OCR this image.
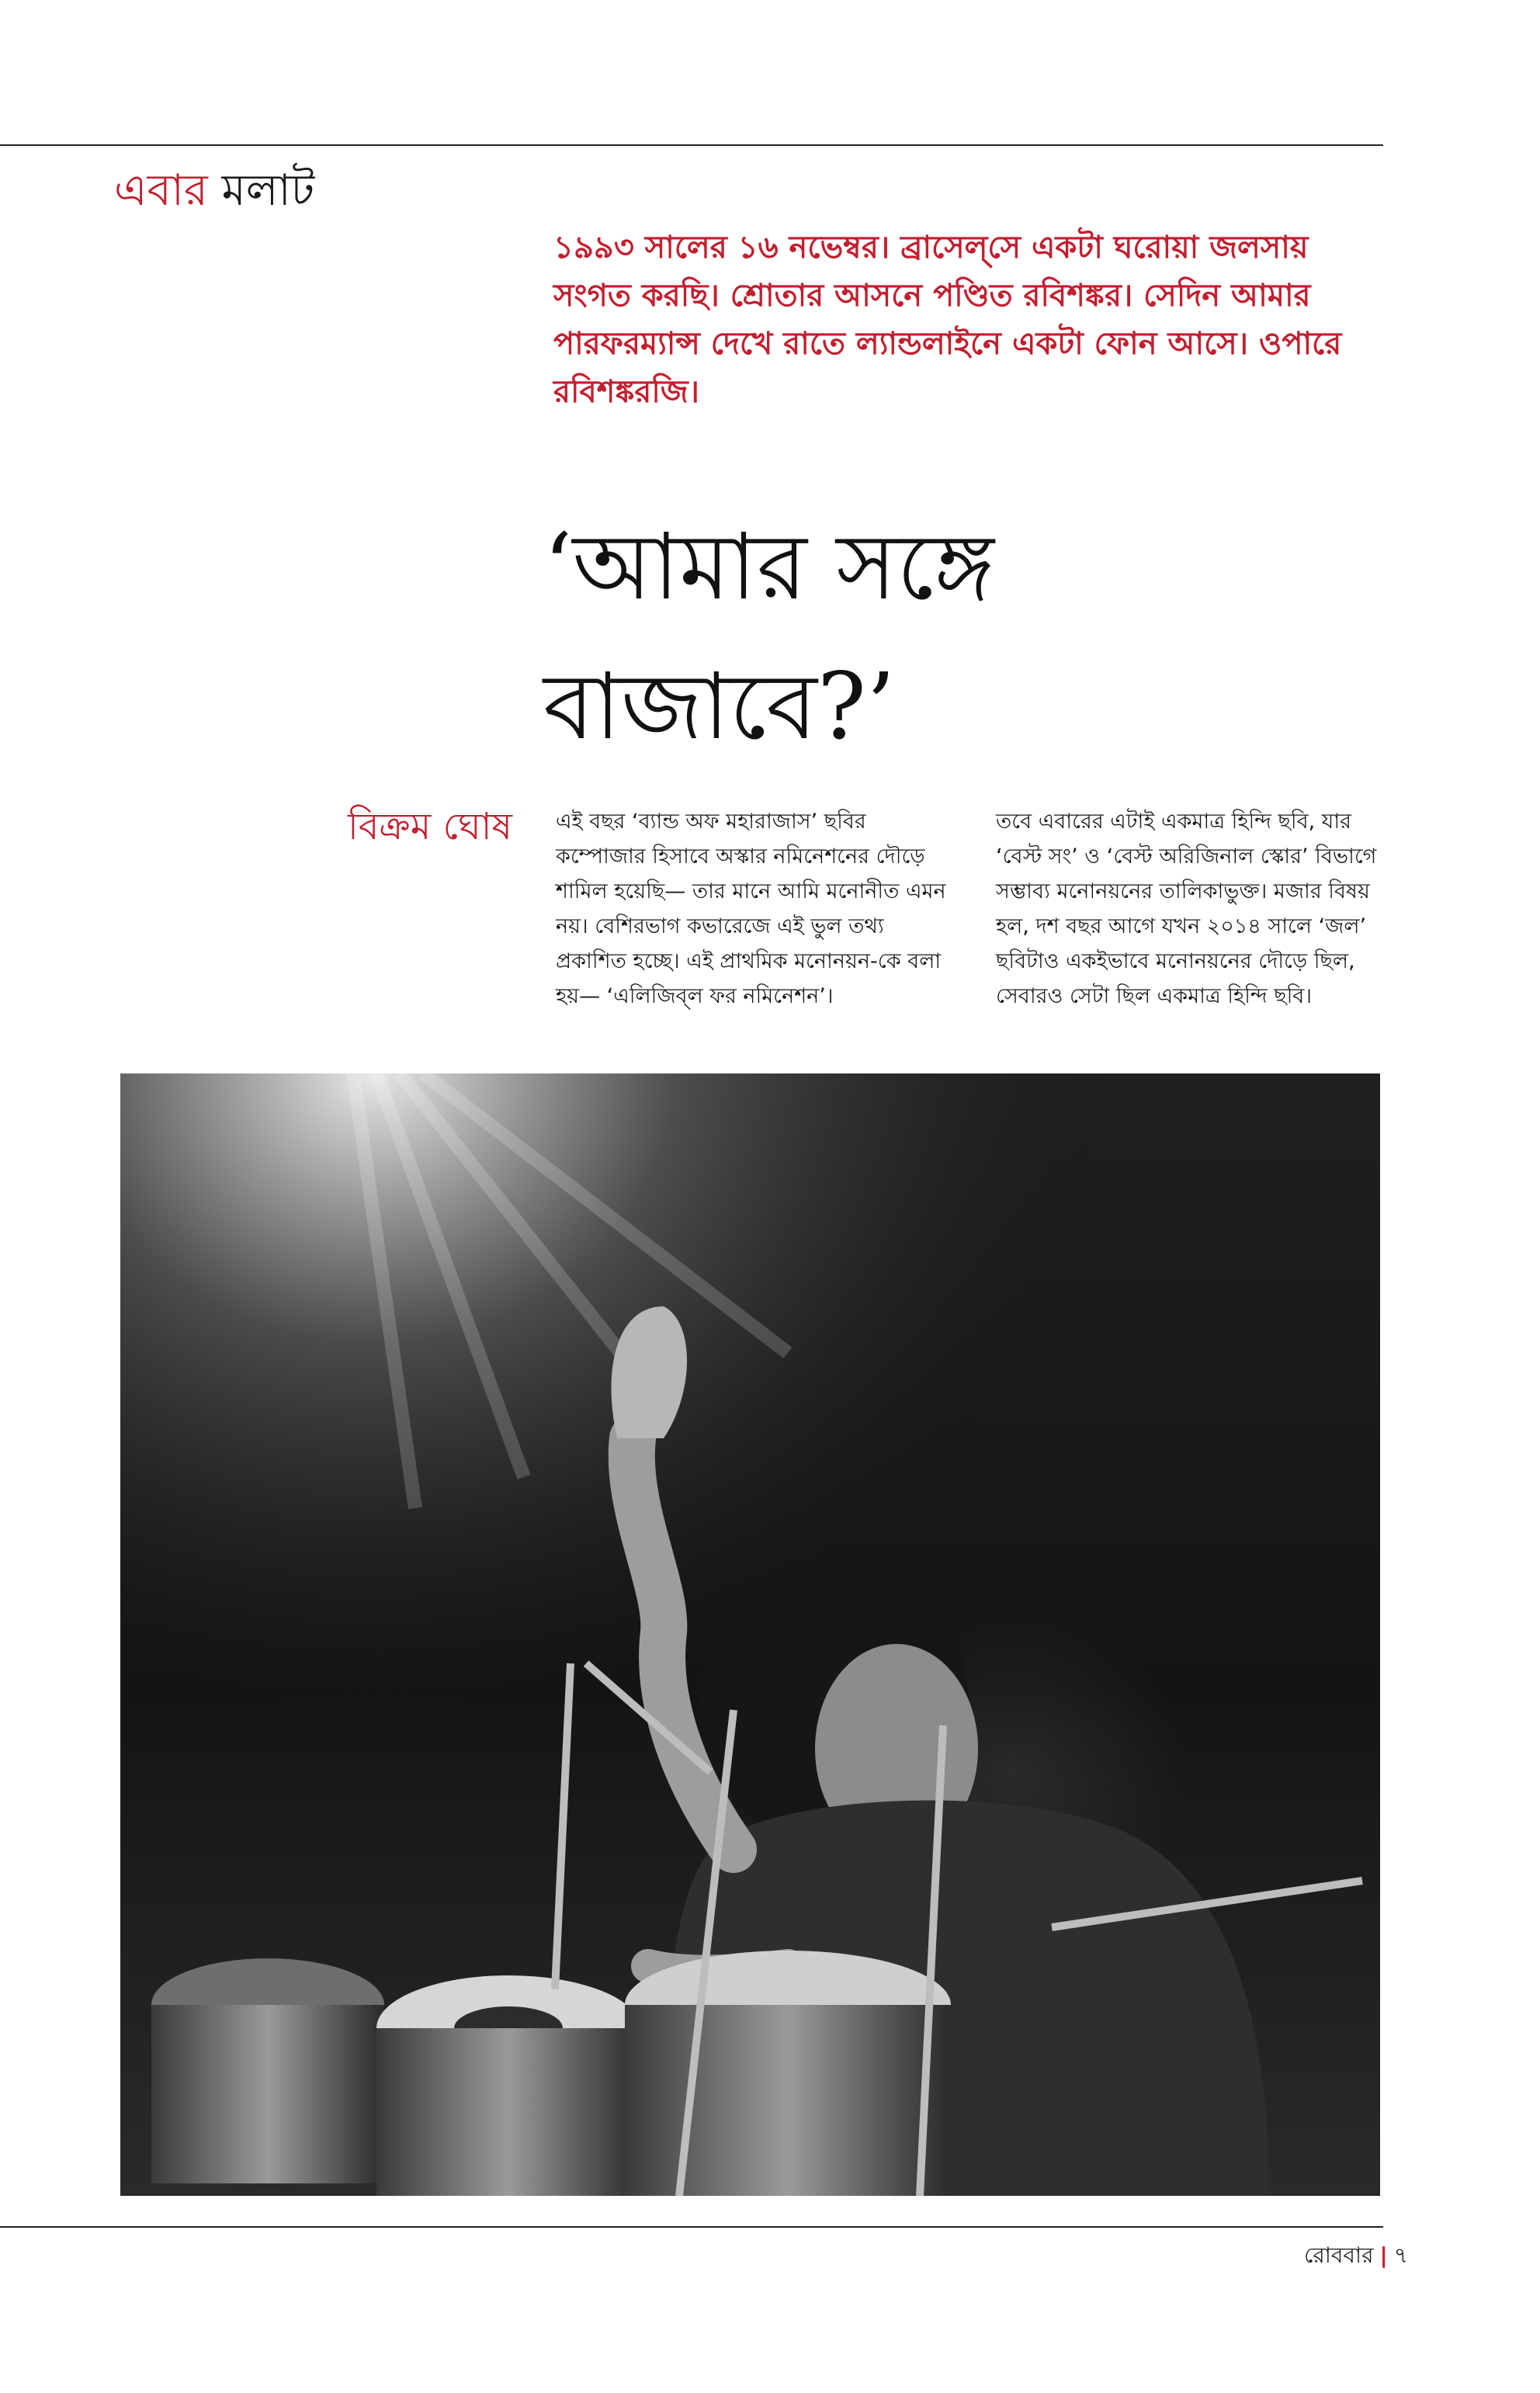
এবার মলাট
১৯৯৩ সালের ১৬ নভেম্বর। ব্রাসেল্‌সে একটা ঘরোয়া জলসায় সংগত করছি। শ্রোতার আসনে পণ্ডিত রবিশঙ্কর। সেদিন আমার পারফরম্যান্স দেখে রাতে ল্যান্ডলাইনে একটা ফোন আসে। ওপারে রবিশঙ্করজি।
‘আমার সঙ্গে বাজাবে?’
বিক্রম ঘোষ এই বছর ‘ব্যান্ড অফ মহারাজাস’ ছবির কম্পোজার হিসাবে অস্কার নমিনেশনের দৌড়ে শামিল হয়েছি— তার মানে আমি মনোনীত এমন নয়। বেশিরভাগ কভারেজে এই ভুল তথ্য প্রকাশিত হচ্ছে। এই প্রাথমিক মনোনয়ন-কে বলা হয়— ‘এলিজিব্‌ল ফর নমিনেশন’।
তবে এবারের এটাই একমাত্র হিন্দি ছবি, যার ‘বেস্ট সং’ ও ‘বেস্ট অরিজিনাল স্কোর’ বিভাগে সম্ভাব্য মনোনয়নের তালিকাভুক্ত। মজার বিষয় হল, দশ বছর আগে যখন ২০১৪ সালে ‘জল’ ছবিটাও একইভাবে মনোনয়নের দৌড়ে ছিল, সেবারও সেটা ছিল একমাত্র হিন্দি ছবি।
রোববার | ৭
